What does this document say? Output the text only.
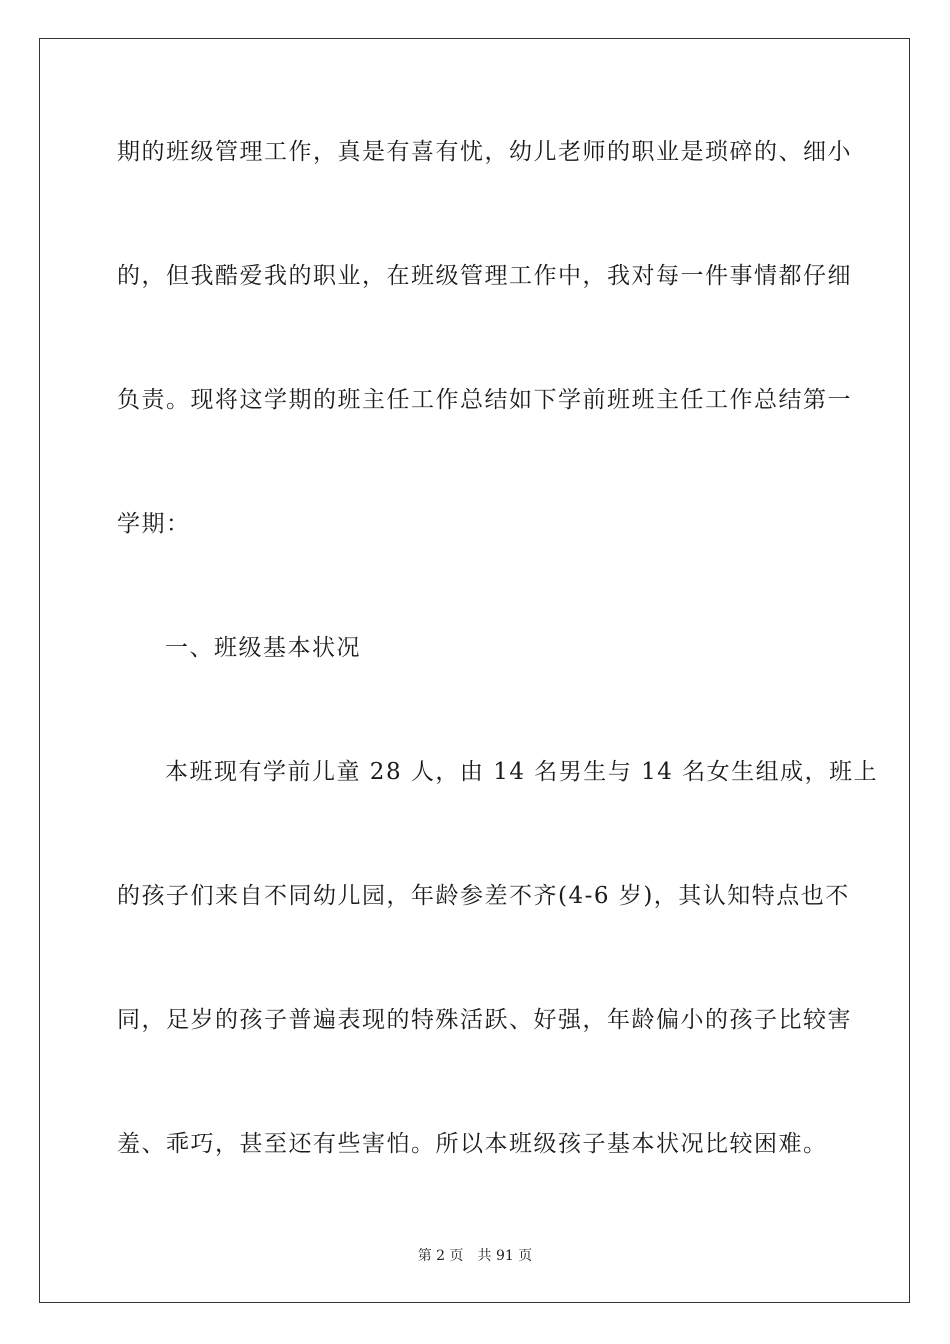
期的班级管理工作，真是有喜有忧，幼儿老师的职业是琐碎的、细小
的，但我酷爱我的职业，在班级管理工作中，我对每一件事情都仔细
负责。现将这学期的班主任工作总结如下学前班班主任工作总结第一
学期：
一、班级基本状况
本班现有学前儿童 28 人，由 14 名男生与 14 名女生组成，班上
的孩子们来自不同幼儿园，年龄参差不齐(4-6 岁)，其认知特点也不
同，足岁的孩子普遍表现的特殊活跃、好强，年龄偏小的孩子比较害
羞、乖巧，甚至还有些害怕。所以本班级孩子基本状况比较困难。
第 2 页 共 91 页
